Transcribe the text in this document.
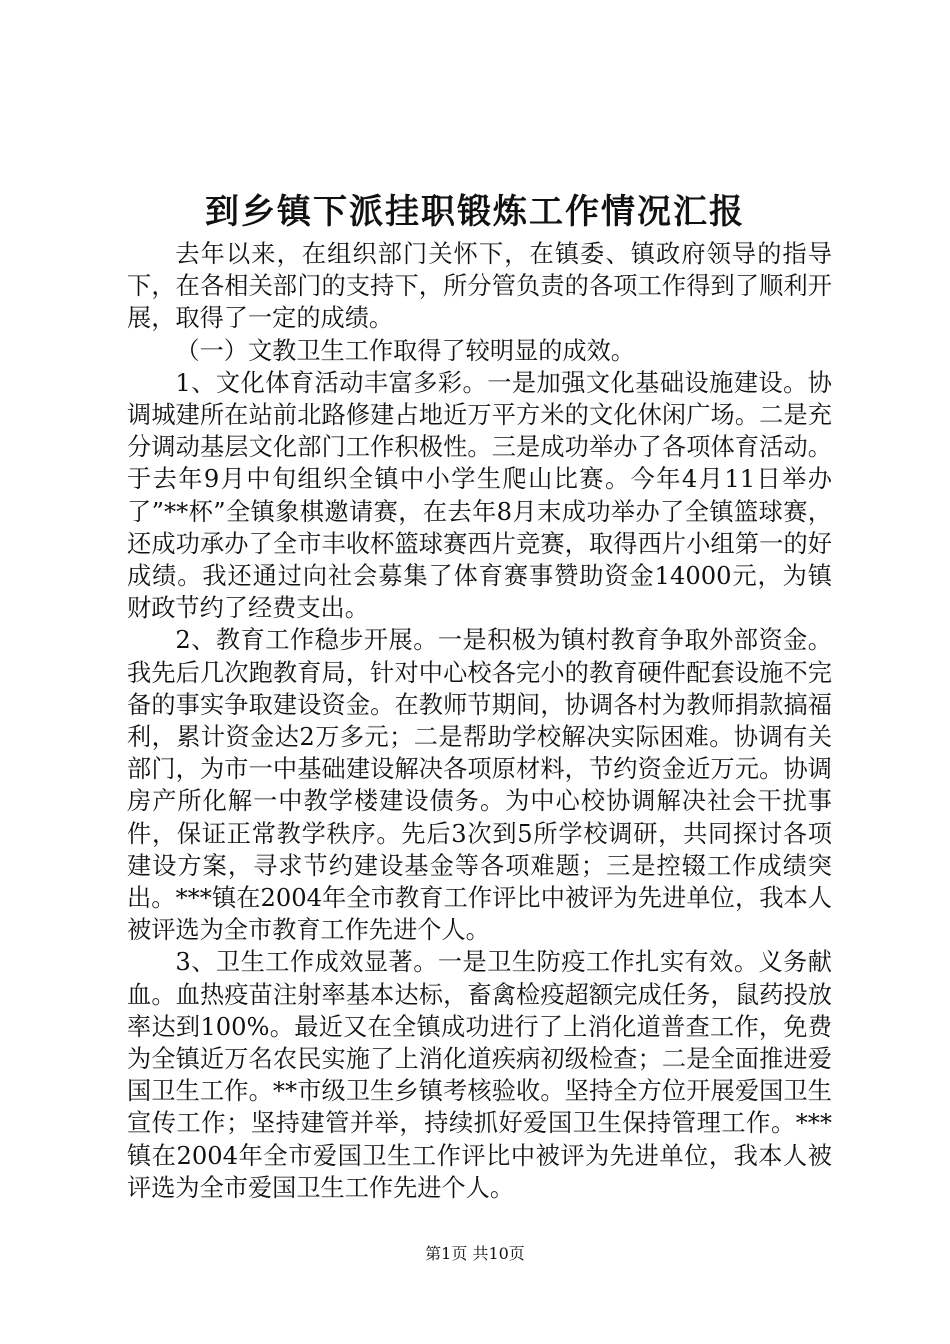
到乡镇下派挂职锻炼工作情况汇报

去年以来，在组织部门关怀下，在镇委、镇政府领导的指导下，在各相关部门的支持下，所分管负责的各项工作得到了顺利开展，取得了一定的成绩。

（一）文教卫生工作取得了较明显的成效。

1、文化体育活动丰富多彩。一是加强文化基础设施建设。协调城建所在站前北路修建占地近万平方米的文化休闲广场。二是充分调动基层文化部门工作积极性。三是成功举办了各项体育活动。于去年9月中旬组织全镇中小学生爬山比赛。今年4月11日举办了”**杯”全镇象棋邀请赛，在去年8月末成功举办了全镇篮球赛，还成功承办了全市丰收杯篮球赛西片竞赛，取得西片小组第一的好成绩。我还通过向社会募集了体育赛事赞助资金14000元，为镇财政节约了经费支出。

2、教育工作稳步开展。一是积极为镇村教育争取外部资金。我先后几次跑教育局，针对中心校各完小的教育硬件配套设施不完备的事实争取建设资金。在教师节期间，协调各村为教师捐款搞福利，累计资金达2万多元；二是帮助学校解决实际困难。协调有关部门，为市一中基础建设解决各项原材料，节约资金近万元。协调房产所化解一中教学楼建设债务。为中心校协调解决社会干扰事件，保证正常教学秩序。先后3次到5所学校调研，共同探讨各项建设方案，寻求节约建设基金等各项难题；三是控辍工作成绩突出。***镇在2004年全市教育工作评比中被评为先进单位，我本人被评选为全市教育工作先进个人。

3、卫生工作成效显著。一是卫生防疫工作扎实有效。义务献血。血热疫苗注射率基本达标，畜禽检疫超额完成任务，鼠药投放率达到100%。最近又在全镇成功进行了上消化道普查工作，免费为全镇近万名农民实施了上消化道疾病初级检查；二是全面推进爱国卫生工作。**市级卫生乡镇考核验收。坚持全方位开展爱国卫生宣传工作；坚持建管并举，持续抓好爱国卫生保持管理工作。***镇在2004年全市爱国卫生工作评比中被评为先进单位，我本人被评选为全市爱国卫生工作先进个人。

第1页 共10页
